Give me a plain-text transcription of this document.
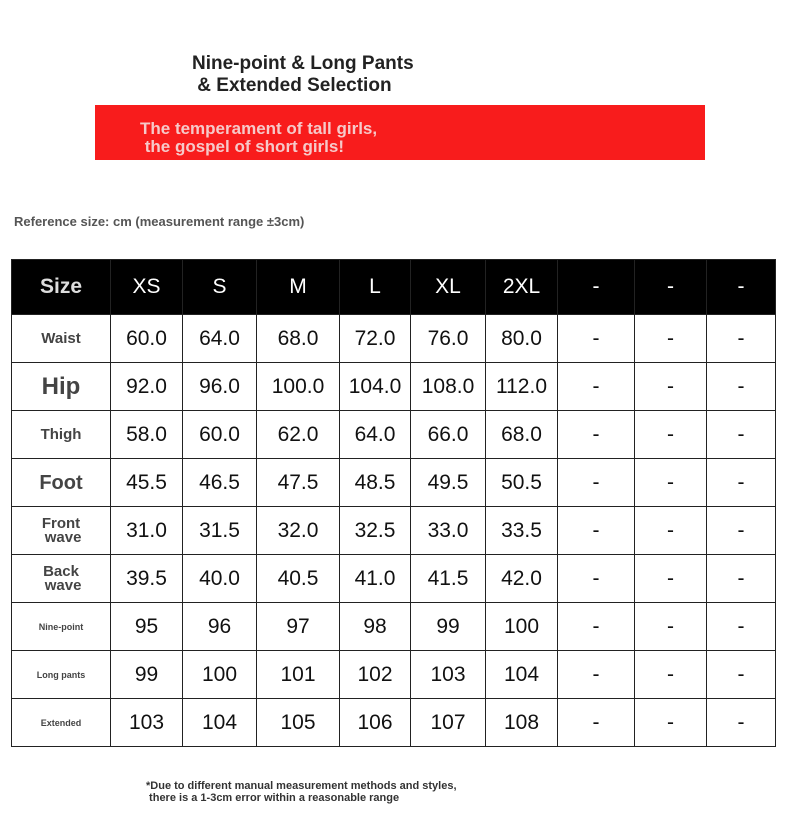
Nine-point & Long Pants
& Extended Selection
The temperament of tall girls,
the gospel of short girls!
Reference size: cm (measurement range ±3cm)
Size	XS	S	M	L	XL	2XL	-	-	-
Waist	60.0	64.0	68.0	72.0	76.0	80.0	-	-	-
Hip	92.0	96.0	100.0	104.0	108.0	112.0	-	-	-
Thigh	58.0	60.0	62.0	64.0	66.0	68.0	-	-	-
Foot	45.5	46.5	47.5	48.5	49.5	50.5	-	-	-
Front
wave	31.0	31.5	32.0	32.5	33.0	33.5	-	-	-
Back
wave	39.5	40.0	40.5	41.0	41.5	42.0	-	-	-
Nine-point	95	96	97	98	99	100	-	-	-
Long pants	99	100	101	102	103	104	-	-	-
Extended	103	104	105	106	107	108	-	-	-
*Due to different manual measurement methods and styles,
there is a 1-3cm error within a reasonable range
